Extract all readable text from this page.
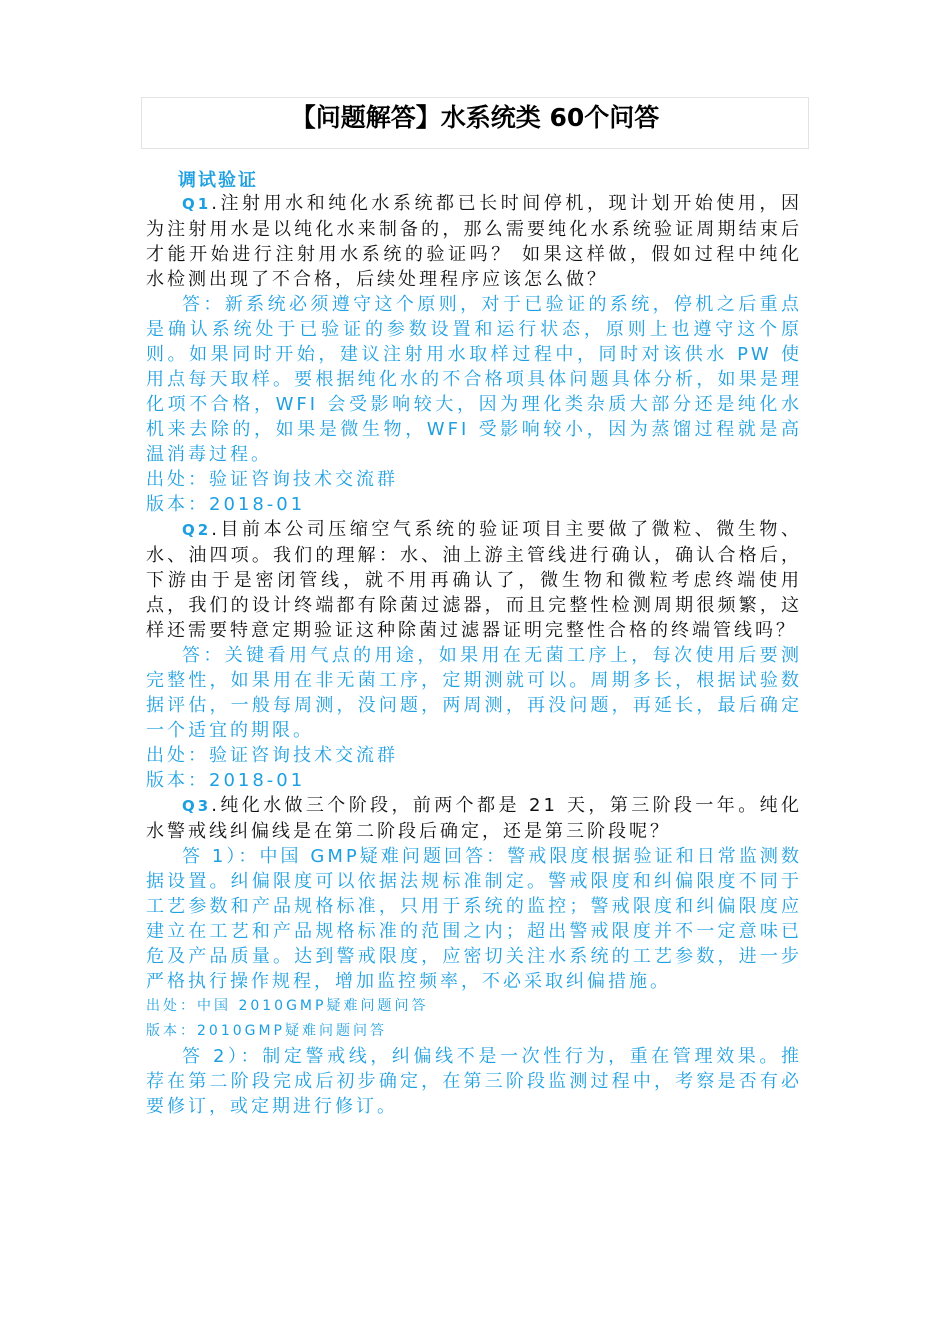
【问题解答】水系统类 60个问答
调试验证

Q1.注射用水和纯化水系统都已长时间停机，现计划开始使用，因为注射用水是以纯化水来制备的，那么需要纯化水系统验证周期结束后才能开始进行注射用水系统的验证吗？ 如果这样做，假如过程中纯化水检测出现了不合格，后续处理程序应该怎么做？

答：新系统必须遵守这个原则，对于已验证的系统，停机之后重点是确认系统处于已验证的参数设置和运行状态，原则上也遵守这个原则。如果同时开始，建议注射用水取样过程中，同时对该供水 PW 使用点每天取样。要根据纯化水的不合格项具体问题具体分析，如果是理化项不合格，WFI 会受影响较大，因为理化类杂质大部分还是纯化水机来去除的，如果是微生物，WFI 受影响较小，因为蒸馏过程就是高温消毒过程。

出处：验证咨询技术交流群

版本：2018-01

Q2.目前本公司压缩空气系统的验证项目主要做了微粒、微生物、水、油四项。我们的理解：水、油上游主管线进行确认，确认合格后，下游由于是密闭管线，就不用再确认了，微生物和微粒考虑终端使用点，我们的设计终端都有除菌过滤器，而且完整性检测周期很频繁，这样还需要特意定期验证这种除菌过滤器证明完整性合格的终端管线吗？

答：关键看用气点的用途，如果用在无菌工序上，每次使用后要测完整性，如果用在非无菌工序，定期测就可以。周期多长，根据试验数据评估，一般每周测，没问题，两周测，再没问题，再延长，最后确定一个适宜的期限。

出处：验证咨询技术交流群

版本：2018-01

Q3.纯化水做三个阶段，前两个都是 21 天，第三阶段一年。纯化水警戒线纠偏线是在第二阶段后确定，还是第三阶段呢？

答 1）：中国 GMP疑难问题回答：警戒限度根据验证和日常监测数据设置。纠偏限度可以依据法规标准制定。警戒限度和纠偏限度不同于工艺参数和产品规格标准，只用于系统的监控；警戒限度和纠偏限度应建立在工艺和产品规格标准的范围之内；超出警戒限度并不一定意味已危及产品质量。达到警戒限度，应密切关注水系统的工艺参数，进一步严格执行操作规程，增加监控频率，不必采取纠偏措施。

出处：中国 2010GMP疑难问题问答

版本：2010GMP疑难问题问答

答 2）：制定警戒线，纠偏线不是一次性行为，重在管理效果。推荐在第二阶段完成后初步确定，在第三阶段监测过程中，考察是否有必要修订，或定期进行修订。
